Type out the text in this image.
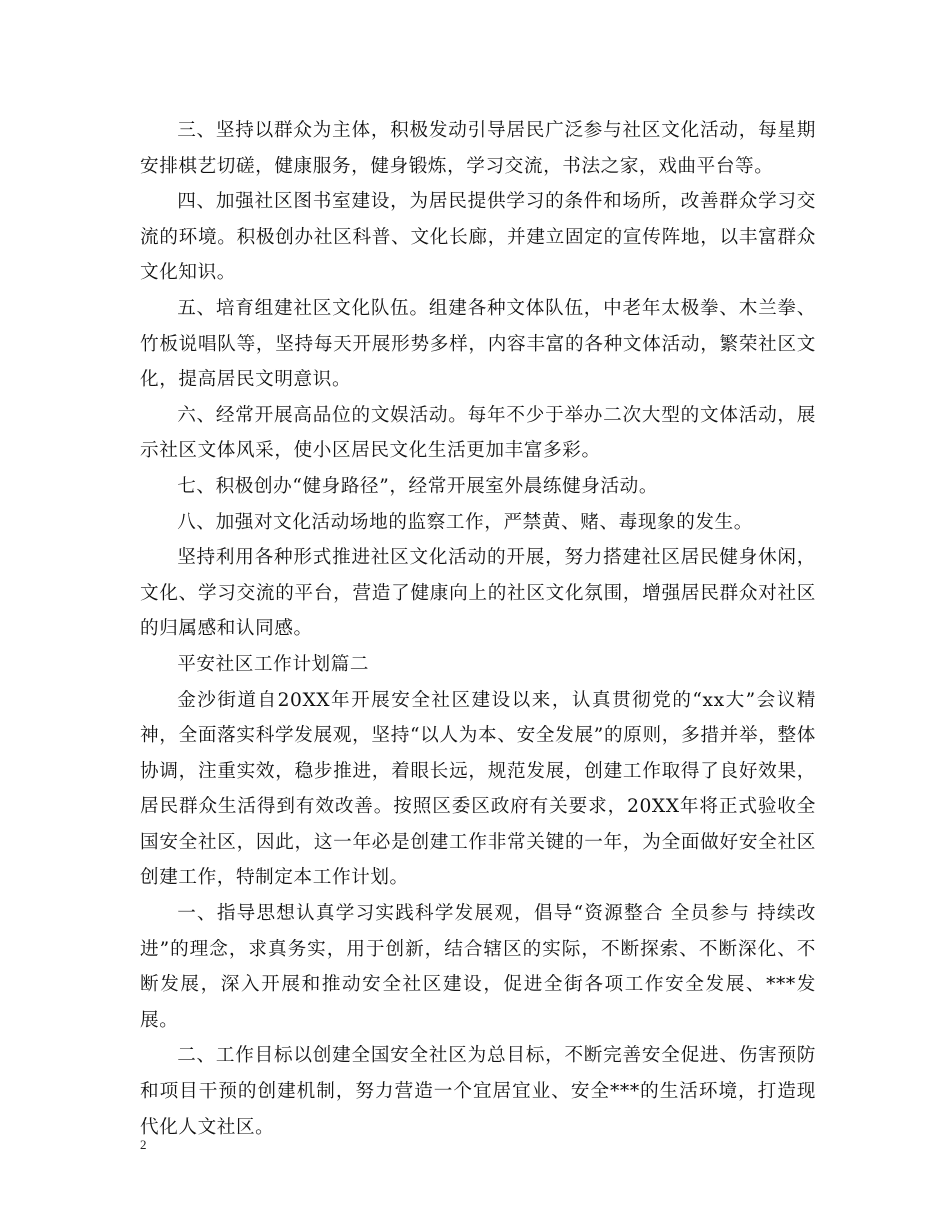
三、坚持以群众为主体，积极发动引导居民广泛参与社区文化活动，每星期安排棋艺切磋，健康服务，健身锻炼，学习交流，书法之家，戏曲平台等。

四、加强社区图书室建设，为居民提供学习的条件和场所，改善群众学习交流的环境。积极创办社区科普、文化长廊，并建立固定的宣传阵地，以丰富群众文化知识。

五、培育组建社区文化队伍。组建各种文体队伍，中老年太极拳、木兰拳、竹板说唱队等，坚持每天开展形势多样，内容丰富的各种文体活动，繁荣社区文化，提高居民文明意识。

六、经常开展高品位的文娱活动。每年不少于举办二次大型的文体活动，展示社区文体风采，使小区居民文化生活更加丰富多彩。

七、积极创办“健身路径”，经常开展室外晨练健身活动。

八、加强对文化活动场地的监察工作，严禁黄、赌、毒现象的发生。

坚持利用各种形式推进社区文化活动的开展，努力搭建社区居民健身休闲，文化、学习交流的平台，营造了健康向上的社区文化氛围，增强居民群众对社区的归属感和认同感。

平安社区工作计划篇二

金沙街道自20XX年开展安全社区建设以来，认真贯彻党的“xx大”会议精神，全面落实科学发展观，坚持“以人为本、安全发展”的原则，多措并举，整体协调，注重实效，稳步推进，着眼长远，规范发展，创建工作取得了良好效果，居民群众生活得到有效改善。按照区委区政府有关要求，20XX年将正式验收全国安全社区，因此，这一年必是创建工作非常关键的一年，为全面做好安全社区创建工作，特制定本工作计划。

一、指导思想认真学习实践科学发展观，倡导“资源整合 全员参与 持续改进”的理念，求真务实，用于创新，结合辖区的实际，不断探索、不断深化、不断发展，深入开展和推动安全社区建设，促进全街各项工作安全发展、***发展。

二、工作目标以创建全国安全社区为总目标，不断完善安全促进、伤害预防和项目干预的创建机制，努力营造一个宜居宜业、安全***的生活环境，打造现代化人文社区。

2
